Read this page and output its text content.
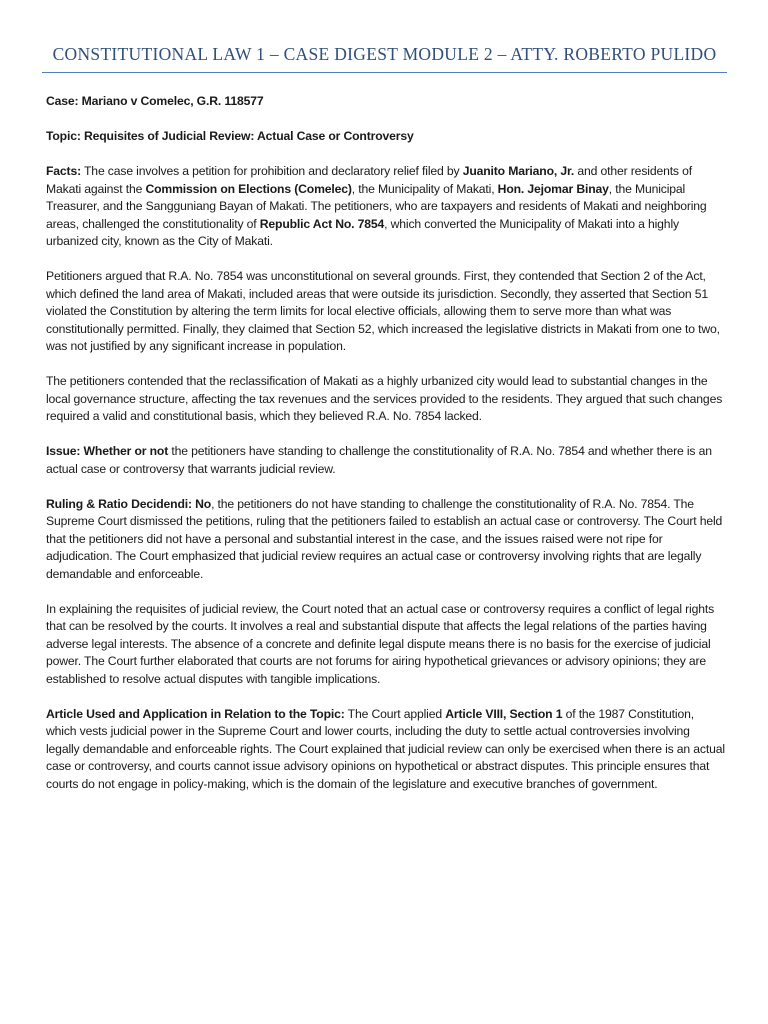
CONSTITUTIONAL LAW 1 – CASE DIGEST MODULE 2 – ATTY. ROBERTO PULIDO

Case: Mariano v Comelec, G.R. 118577

Topic: Requisites of Judicial Review: Actual Case or Controversy

Facts: The case involves a petition for prohibition and declaratory relief filed by Juanito Mariano, Jr. and other residents of Makati against the Commission on Elections (Comelec), the Municipality of Makati, Hon. Jejomar Binay, the Municipal Treasurer, and the Sangguniang Bayan of Makati. The petitioners, who are taxpayers and residents of Makati and neighboring areas, challenged the constitutionality of Republic Act No. 7854, which converted the Municipality of Makati into a highly urbanized city, known as the City of Makati.

Petitioners argued that R.A. No. 7854 was unconstitutional on several grounds. First, they contended that Section 2 of the Act, which defined the land area of Makati, included areas that were outside its jurisdiction. Secondly, they asserted that Section 51 violated the Constitution by altering the term limits for local elective officials, allowing them to serve more than what was constitutionally permitted. Finally, they claimed that Section 52, which increased the legislative districts in Makati from one to two, was not justified by any significant increase in population.

The petitioners contended that the reclassification of Makati as a highly urbanized city would lead to substantial changes in the local governance structure, affecting the tax revenues and the services provided to the residents. They argued that such changes required a valid and constitutional basis, which they believed R.A. No. 7854 lacked.

Issue: Whether or not the petitioners have standing to challenge the constitutionality of R.A. No. 7854 and whether there is an actual case or controversy that warrants judicial review.

Ruling & Ratio Decidendi: No, the petitioners do not have standing to challenge the constitutionality of R.A. No. 7854. The Supreme Court dismissed the petitions, ruling that the petitioners failed to establish an actual case or controversy. The Court held that the petitioners did not have a personal and substantial interest in the case, and the issues raised were not ripe for adjudication. The Court emphasized that judicial review requires an actual case or controversy involving rights that are legally demandable and enforceable.

In explaining the requisites of judicial review, the Court noted that an actual case or controversy requires a conflict of legal rights that can be resolved by the courts. It involves a real and substantial dispute that affects the legal relations of the parties having adverse legal interests. The absence of a concrete and definite legal dispute means there is no basis for the exercise of judicial power. The Court further elaborated that courts are not forums for airing hypothetical grievances or advisory opinions; they are established to resolve actual disputes with tangible implications.

Article Used and Application in Relation to the Topic: The Court applied Article VIII, Section 1 of the 1987 Constitution, which vests judicial power in the Supreme Court and lower courts, including the duty to settle actual controversies involving legally demandable and enforceable rights. The Court explained that judicial review can only be exercised when there is an actual case or controversy, and courts cannot issue advisory opinions on hypothetical or abstract disputes. This principle ensures that courts do not engage in policy-making, which is the domain of the legislature and executive branches of government.
